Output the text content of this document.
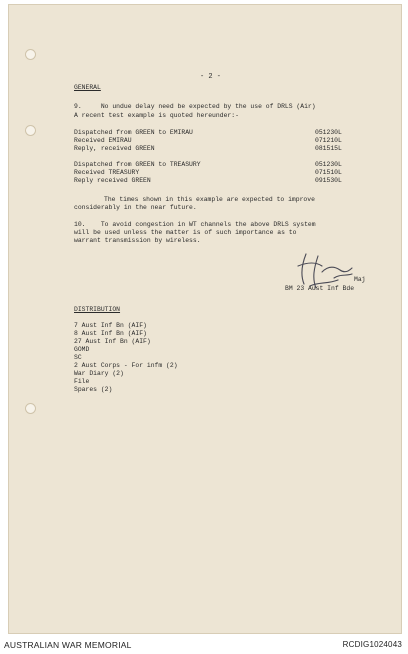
- 2 -
GENERAL
9.     No undue delay need be expected by the use of DRLS (Air)
A recent test example is quoted hereunder:-
Dispatched from GREEN to EMIRAU	051230L
Received EMIRAU	071210L
Reply, received GREEN	081515L
Dispatched from GREEN to TREASURY	051230L
Received TREASURY	071510L
Reply received GREEN	091530L
The times shown in this example are expected to improve
considerably in the near future.
10.    To avoid congestion in WT channels the above DRLS system
will be used unless the matter is of such importance as to
warrant transmission by wireless.
Maj
BM 23 Aust Inf Bde
DISTRIBUTION
7 Aust Inf Bn (AIF)
8 Aust Inf Bn (AIF)
27 Aust Inf Bn (AIF)
GOMD
SC
2 Aust Corps - For infm (2)
War Diary (2)
File
Spares (2)
AUSTRALIAN WAR MEMORIAL	RCDIG1024043
